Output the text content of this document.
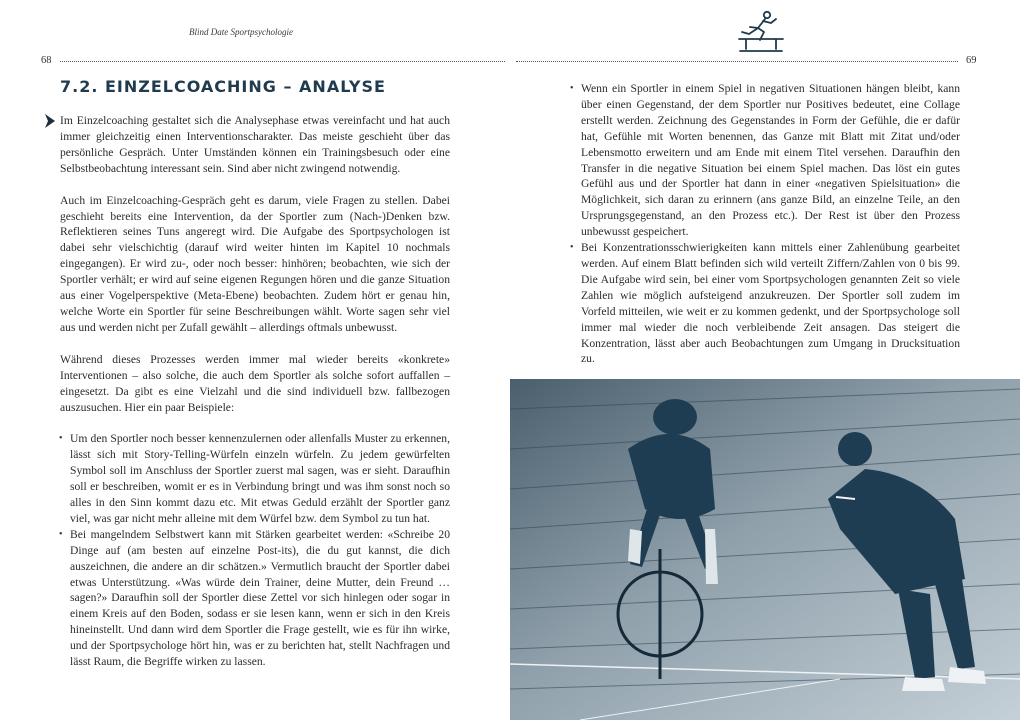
Blind Date Sportpsychologie
68	69
7.2. EINZELCOACHING – ANALYSE

Im Einzelcoaching gestaltet sich die Analysephase etwas vereinfacht und hat auch immer gleichzeitig einen Interventionscharakter. Das meiste geschieht über das persönliche Gespräch. Unter Umständen können ein Trainingsbesuch oder eine Selbstbeobachtung interessant sein. Sind aber nicht zwingend notwendig.

Auch im Einzelcoaching-Gespräch geht es darum, viele Fragen zu stellen. Dabei geschieht bereits eine Intervention, da der Sportler zum (Nach-)Denken bzw. Reflektieren seines Tuns angeregt wird. Die Aufgabe des Sportpsychologen ist dabei sehr vielschichtig (darauf wird weiter hinten im Kapitel 10 nochmals eingegangen). Er wird zu-, oder noch besser: hinhören; beobachten, wie sich der Sportler verhält; er wird auf seine eigenen Regungen hören und die ganze Situation aus einer Vogelperspektive (Meta-Ebene) beobachten. Zudem hört er genau hin, welche Worte ein Sportler für seine Beschreibungen wählt. Worte sagen sehr viel aus und werden nicht per Zufall gewählt – allerdings oftmals unbewusst.

Während dieses Prozesses werden immer mal wieder bereits «konkrete» Interventionen – also solche, die auch dem Sportler als solche sofort auffallen – eingesetzt. Da gibt es eine Vielzahl und die sind individuell bzw. fallbezogen auszusuchen. Hier ein paar Beispiele:

• Um den Sportler noch besser kennenzulernen oder allenfalls Muster zu erkennen, lässt sich mit Story-Telling-Würfeln einzeln würfeln. Zu jedem gewürfelten Symbol soll im Anschluss der Sportler zuerst mal sagen, was er sieht. Daraufhin soll er beschreiben, womit er es in Verbindung bringt und was ihm sonst noch so alles in den Sinn kommt dazu etc. Mit etwas Geduld erzählt der Sportler ganz viel, was gar nicht mehr alleine mit dem Würfel bzw. dem Symbol zu tun hat.
• Bei mangelndem Selbstwert kann mit Stärken gearbeitet werden: «Schreibe 20 Dinge auf (am besten auf einzelne Post-its), die du gut kannst, die dich auszeichnen, die andere an dir schätzen.» Vermutlich braucht der Sportler dabei etwas Unterstützung. «Was würde dein Trainer, deine Mutter, dein Freund … sagen?» Daraufhin soll der Sportler diese Zettel vor sich hinlegen oder sogar in einem Kreis auf den Boden, sodass er sie lesen kann, wenn er sich in den Kreis hineinstellt. Und dann wird dem Sportler die Frage gestellt, wie es für ihn wirke, und der Sportpsychologe hört hin, was er zu berichten hat, stellt Nachfragen und lässt Raum, die Begriffe wirken zu lassen.
• Wenn ein Sportler in einem Spiel in negativen Situationen hängen bleibt, kann über einen Gegenstand, der dem Sportler nur Positives bedeutet, eine Collage erstellt werden. Zeichnung des Gegenstandes in Form der Gefühle, die er dafür hat, Gefühle mit Worten benennen, das Ganze mit Blatt mit Zitat und/oder Lebensmotto erweitern und am Ende mit einem Titel versehen. Daraufhin den Transfer in die negative Situation bei einem Spiel machen. Das löst ein gutes Gefühl aus und der Sportler hat dann in einer «negativen Spielsituation» die Möglichkeit, sich daran zu erinnern (ans ganze Bild, an einzelne Teile, an den Ursprungsgegenstand, an den Prozess etc.). Der Rest ist über den Prozess unbewusst gespeichert.
• Bei Konzentrationsschwierigkeiten kann mittels einer Zahlenübung gearbeitet werden. Auf einem Blatt befinden sich wild verteilt Ziffern/Zahlen von 0 bis 99. Die Aufgabe wird sein, bei einer vom Sportpsychologen genannten Zeit so viele Zahlen wie möglich aufsteigend anzukreuzen. Der Sportler soll zudem im Vorfeld mitteilen, wie weit er zu kommen gedenkt, und der Sportpsychologe soll immer mal wieder die noch verbleibende Zeit ansagen. Das steigert die Konzentration, lässt aber auch Beobachtungen zum Umgang in Drucksituation zu.
